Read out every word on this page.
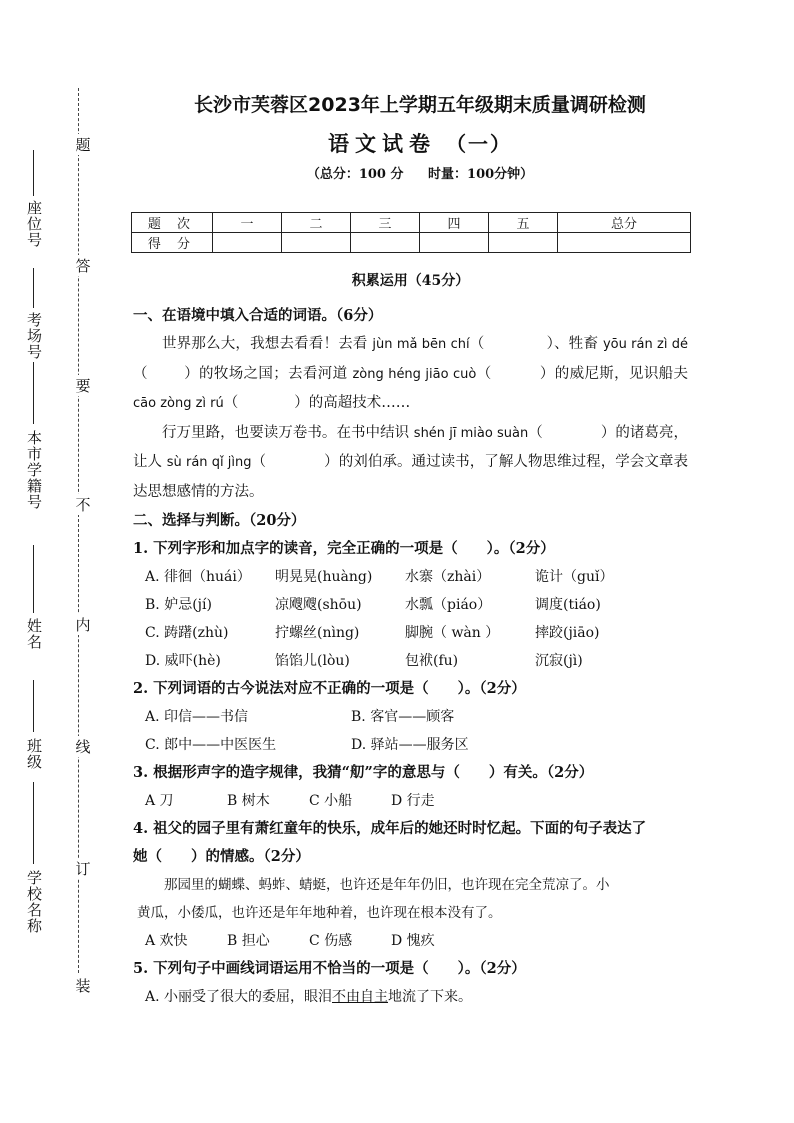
学校名称
班级
姓名
本市学籍号
考场号
座位号
装
订
线
内
不
要
答
题
长沙市芙蓉区2023年上学期五年级期末质量调研检测
语文试卷 （一）
（总分：100 分 时量：100分钟）
题 次	一	二	三	四	五	总分
得 分						
积累运用（45分）
一、在语境中填入合适的词语。（6分）

世界那么大，我想去看看！去看 jùn mǎ bēn chí（	）、牲畜 yōu rán zì dé（ ）的牧场之国；去看河道 zòng héng jiāo cuò（	）的威尼斯，见识船夫 cāo zòng zì rú（	）的高超技术……

行万里路，也要读万卷书。在书中结识 shén jī miào suàn（	）的诸葛亮，让人 sù rán qǐ jìng（	）的刘伯承。通过读书，了解人物思维过程，学会文章表达思想感情的方法。

二、选择与判断。（20分）
1. 下列字形和加点字的读音，完全正确的一项是（　　）。（2分）
A. 徘徊（huái）	明晃晃(huàng)	水寨（zhài）	诡计（guǐ）
B. 妒忌(jí)	凉飕飕(shōu)	水瓢（piáo）	调度(tiáo)
C. 踌躇(zhù)	拧螺丝(nìng)	脚腕（ wàn ）	摔跤(jiāo)
D. 威吓(hè)	馅馅儿(lòu)	包袱(fu)	沉寂(jì)
2. 下列词语的古今说法对应不正确的一项是（　　）。（2分）
A. 印信——书信	B. 客官——顾客
C. 郎中——中医医生	D. 驿站——服务区
3. 根据形声字的造字规律，我猜“舠”字的意思与（　　）有关。（2分）
A 刀	B 树木	C 小船	D 行走
4. 祖父的园子里有萧红童年的快乐，成年后的她还时时忆起。下面的句子表达了
她（　　）的情感。（2分）

那园里的蝴蝶、蚂蚱、蜻蜓，也许还是年年仍旧，也许现在完全荒凉了。小

黄瓜，小倭瓜，也许还是年年地种着，也许现在根本没有了。

A 欢快	B 担心	C 伤感	D 愧疚
5. 下列句子中画线词语运用不恰当的一项是（　　）。（2分）
A. 小丽受了很大的委屈，眼泪不由自主地流了下来。
